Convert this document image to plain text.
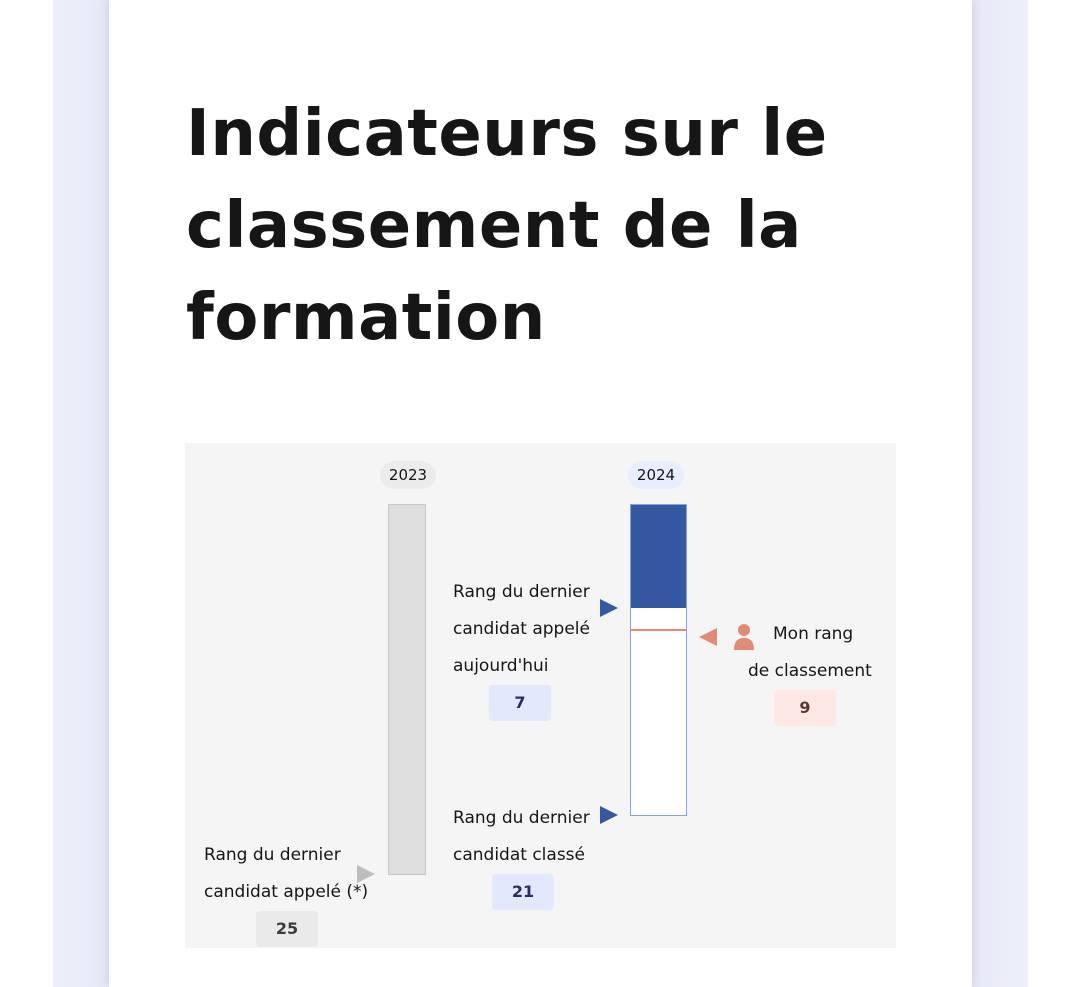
Indicateurs sur le classement de la formation
2023	2024
Rang du dernier
candidat appelé
aujourd'hui
7
Rang du dernier
candidat classé
21
Rang du dernier
candidat appelé (*)
25
Mon rang
de classement
9
